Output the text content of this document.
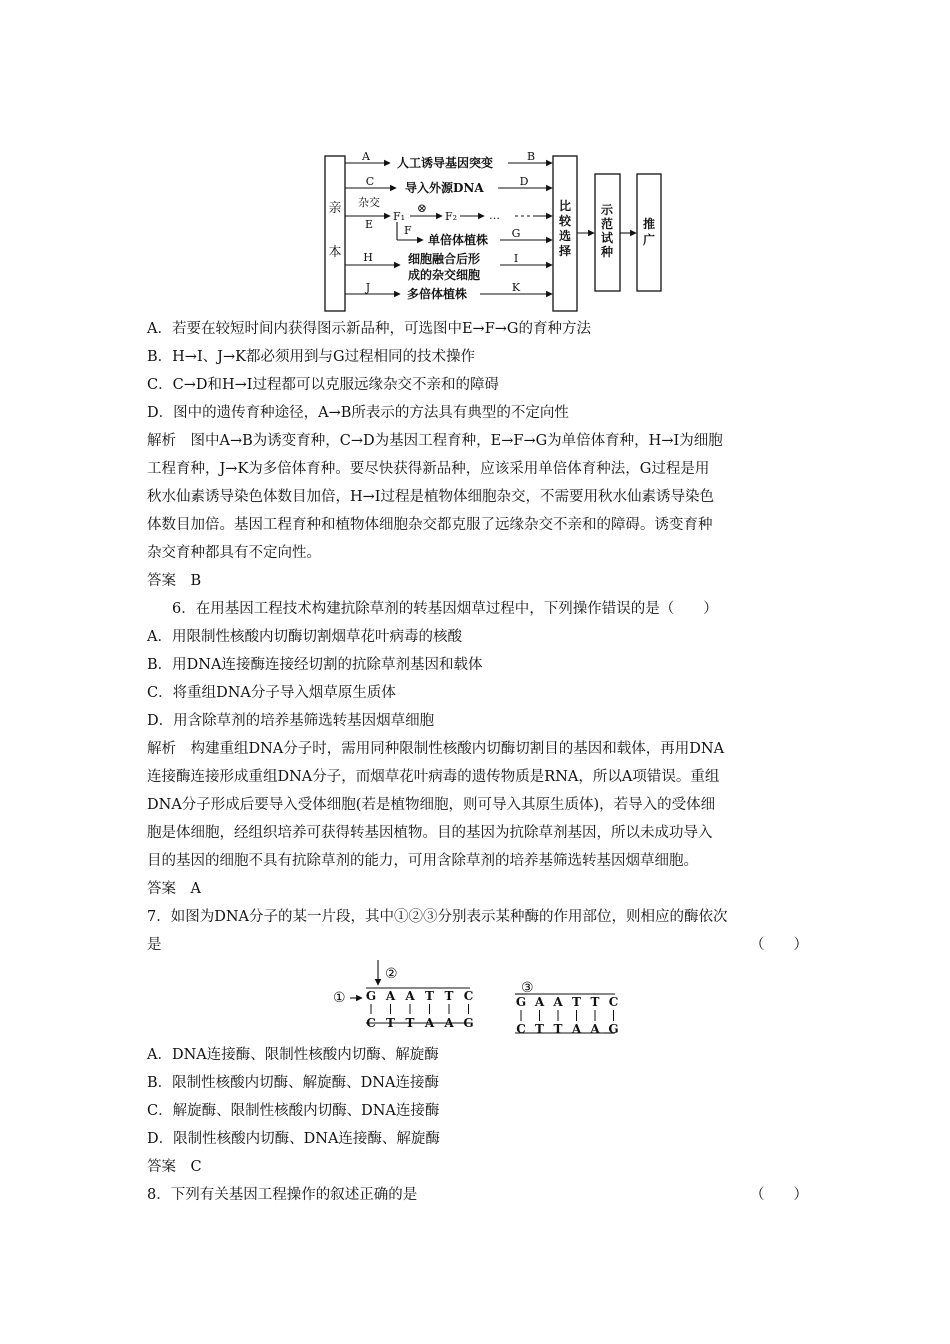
亲
本
A 人工诱导基因突变	B
C	导入外源DNA	D
杂交
E
F₁
⊗
F₂	…
F
单倍体植株 G
H	细胞融合后形
成的杂交细胞
I
J	多倍体植株	K
比
较
选
择
示
范
试
种
推
广
A．若要在较短时间内获得图示新品种，可选图中E→F→G的育种方法
B．H→I、J→K都必须用到与G过程相同的技术操作
C．C→D和H→I过程都可以克服远缘杂交不亲和的障碍
D．图中的遗传育种途径，A→B所表示的方法具有典型的不定向性
解析　图中A→B为诱变育种，C→D为基因工程育种，E→F→G为单倍体育种，H→I为细胞
工程育种，J→K为多倍体育种。要尽快获得新品种，应该采用单倍体育种法，G过程是用
秋水仙素诱导染色体数目加倍，H→I过程是植物体细胞杂交，不需要用秋水仙素诱导染色
体数目加倍。基因工程育种和植物体细胞杂交都克服了远缘杂交不亲和的障碍。诱变育种
杂交育种都具有不定向性。
答案　B
6．在用基因工程技术构建抗除草剂的转基因烟草过程中，下列操作错误的是（　　）
A．用限制性核酸内切酶切割烟草花叶病毒的核酸
B．用DNA连接酶连接经切割的抗除草剂基因和载体
C．将重组DNA分子导入烟草原生质体
D．用含除草剂的培养基筛选转基因烟草细胞
解析　构建重组DNA分子时，需用同种限制性核酸内切酶切割目的基因和载体，再用DNA
连接酶连接形成重组DNA分子，而烟草花叶病毒的遗传物质是RNA，所以A项错误。重组
DNA分子形成后要导入受体细胞(若是植物细胞，则可导入其原生质体)，若导入的受体细
胞是体细胞，经组织培养可获得转基因植物。目的基因为抗除草剂基因，所以未成功导入
目的基因的细胞不具有抗除草剂的能力，可用含除草剂的培养基筛选转基因烟草细胞。
答案　A
7．如图为DNA分子的某一片段，其中①②③分别表示某种酶的作用部位，则相应的酶依次
是	（　　）
②
① G
C
A
T
A
T
T
A
T
A
C
G
③
G
C
A
T
A
T
T
A
T
A
C
G
A．DNA连接酶、限制性核酸内切酶、解旋酶
B．限制性核酸内切酶、解旋酶、DNA连接酶
C．解旋酶、限制性核酸内切酶、DNA连接酶
D．限制性核酸内切酶、DNA连接酶、解旋酶
答案　C
8．下列有关基因工程操作的叙述正确的是	（　　）
